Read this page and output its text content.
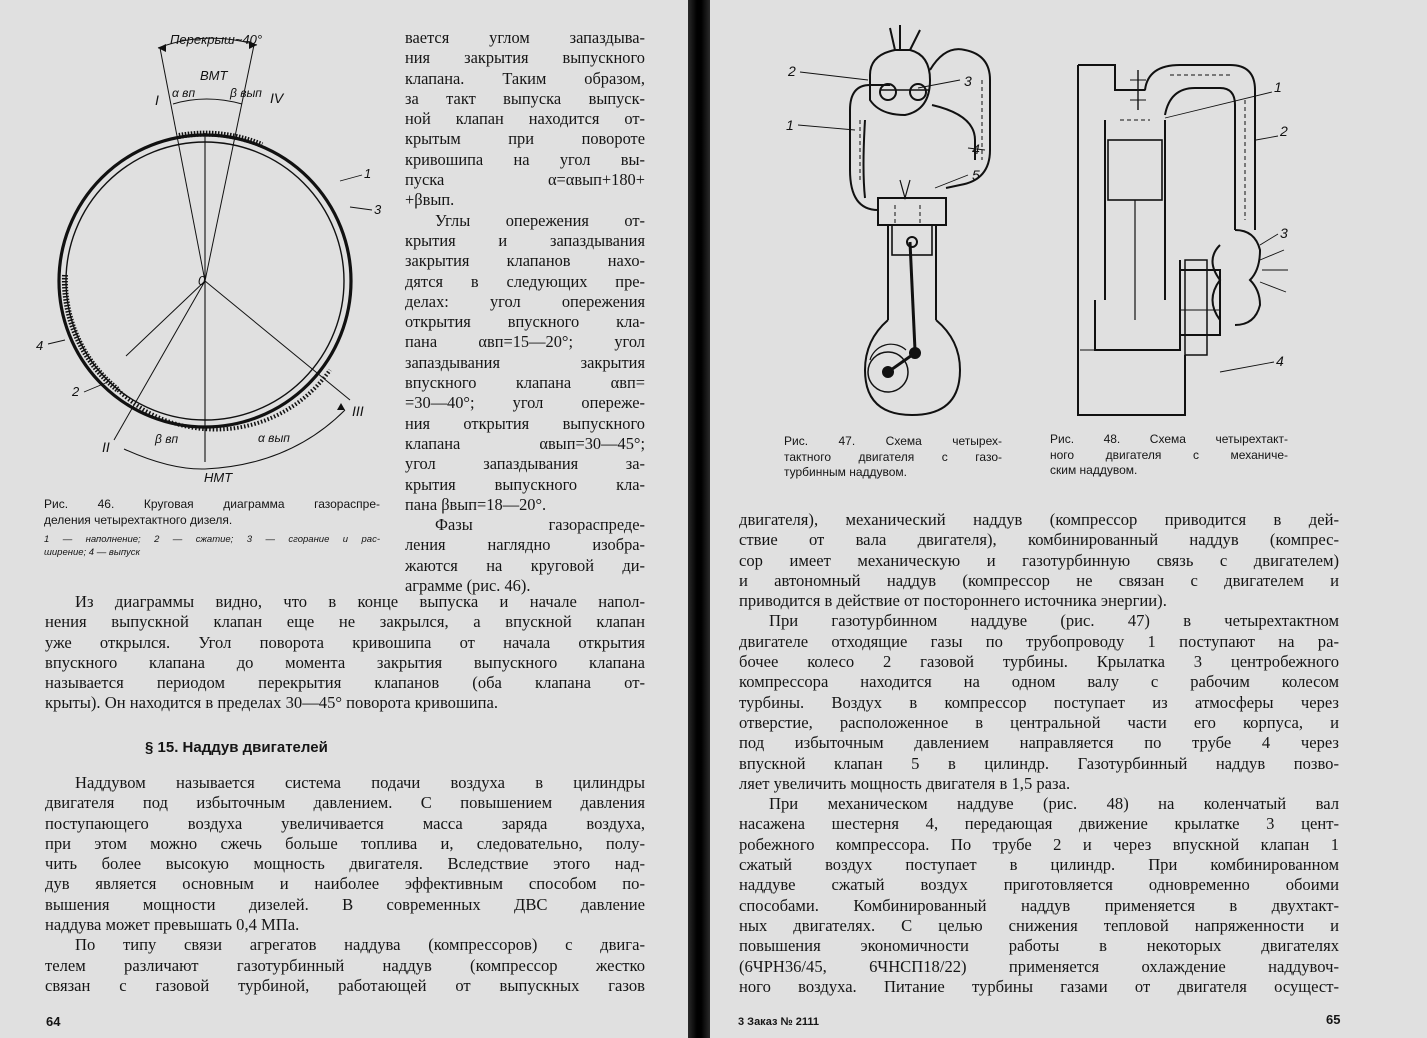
Перекрыш~40°
ВМТ
α вп	β вып
I	IV
0
1
3
4
2
III
II	β вп	α вып
НМТ
Рис. 46. Круговая диаграмма газораспре-
деления четырехтактного дизеля.
1 — наполнение; 2 — сжатие; 3 — сгорание и рас-
ширение; 4 — выпуск
вается углом запаздыва-
ния закрытия выпускного
клапана. Таким образом,
за такт выпуска выпуск-
ной клапан находится от-
крытым при повороте
кривошипа на угол вы-
пуска α=αвып+180+
+βвып.
Углы опережения от-
крытия и запаздывания
закрытия клапанов нахо-
дятся в следующих пре-
делах: угол опережения
открытия впускного кла-
пана αвп=15—20°; угол
запаздывания закрытия
впускного клапана αвп=
=30—40°; угол опереже-
ния открытия выпускного
клапана αвып=30—45°;
угол запаздывания за-
крытия выпускного кла-
пана βвып=18—20°.
Фазы газораспреде-
ления наглядно изобра-
жаются на круговой ди-
аграмме (рис. 46).
Из диаграммы видно, что в конце выпуска и начале напол-
нения выпускной клапан еще не закрылся, а впускной клапан
уже открылся. Угол поворота кривошипа от начала открытия
впускного клапана до момента закрытия выпускного клапана
называется периодом перекрытия клапанов (оба клапана от-
крыты). Он находится в пределах 30—45° поворота кривошипа.
§ 15. Наддув двигателей
Наддувом называется система подачи воздуха в цилиндры
двигателя под избыточным давлением. С повышением давления
поступающего воздуха увеличивается масса заряда воздуха,
при этом можно сжечь больше топлива и, следовательно, полу-
чить более высокую мощность двигателя. Вследствие этого над-
дув является основным и наиболее эффективным способом по-
вышения мощности дизелей. В современных ДВС давление
наддува может превышать 0,4 МПа.
По типу связи агрегатов наддува (компрессоров) с двига-
телем различают газотурбинный наддув (компрессор жестко
связан с газовой турбиной, работающей от выпускных газов
64
2
1
3
4
5
1
2
3
4
Рис. 47. Схема четырех-
тактного двигателя с газо-
турбинным наддувом.
Рис. 48. Схема четырехтакт-
ного двигателя с механиче-
ским наддувом.
двигателя), механический наддув (компрессор приводится в дей-
ствие от вала двигателя), комбинированный наддув (компрес-
сор имеет механическую и газотурбинную связь с двигателем)
и автономный наддув (компрессор не связан с двигателем и
приводится в действие от постороннего источника энергии).
При газотурбинном наддуве (рис. 47) в четырехтактном
двигателе отходящие газы по трубопроводу 1 поступают на ра-
бочее колесо 2 газовой турбины. Крылатка 3 центробежного
компрессора находится на одном валу с рабочим колесом
турбины. Воздух в компрессор поступает из атмосферы через
отверстие, расположенное в центральной части его корпуса, и
под избыточным давлением направляется по трубе 4 через
впускной клапан 5 в цилиндр. Газотурбинный наддув позво-
ляет увеличить мощность двигателя в 1,5 раза.
При механическом наддуве (рис. 48) на коленчатый вал
насажена шестерня 4, передающая движение крылатке 3 цент-
робежного компрессора. По трубе 2 и через впускной клапан 1
сжатый воздух поступает в цилиндр. При комбинированном
наддуве сжатый воздух приготовляется одновременно обоими
способами. Комбинированный наддув применяется в двухтакт-
ных двигателях. С целью снижения тепловой напряженности и
повышения экономичности работы в некоторых двигателях
(6ЧРН36/45, 6ЧНСП18/22) применяется охлаждение наддувоч-
ного воздуха. Питание турбины газами от двигателя осущест-
3 Заказ № 2111	65
